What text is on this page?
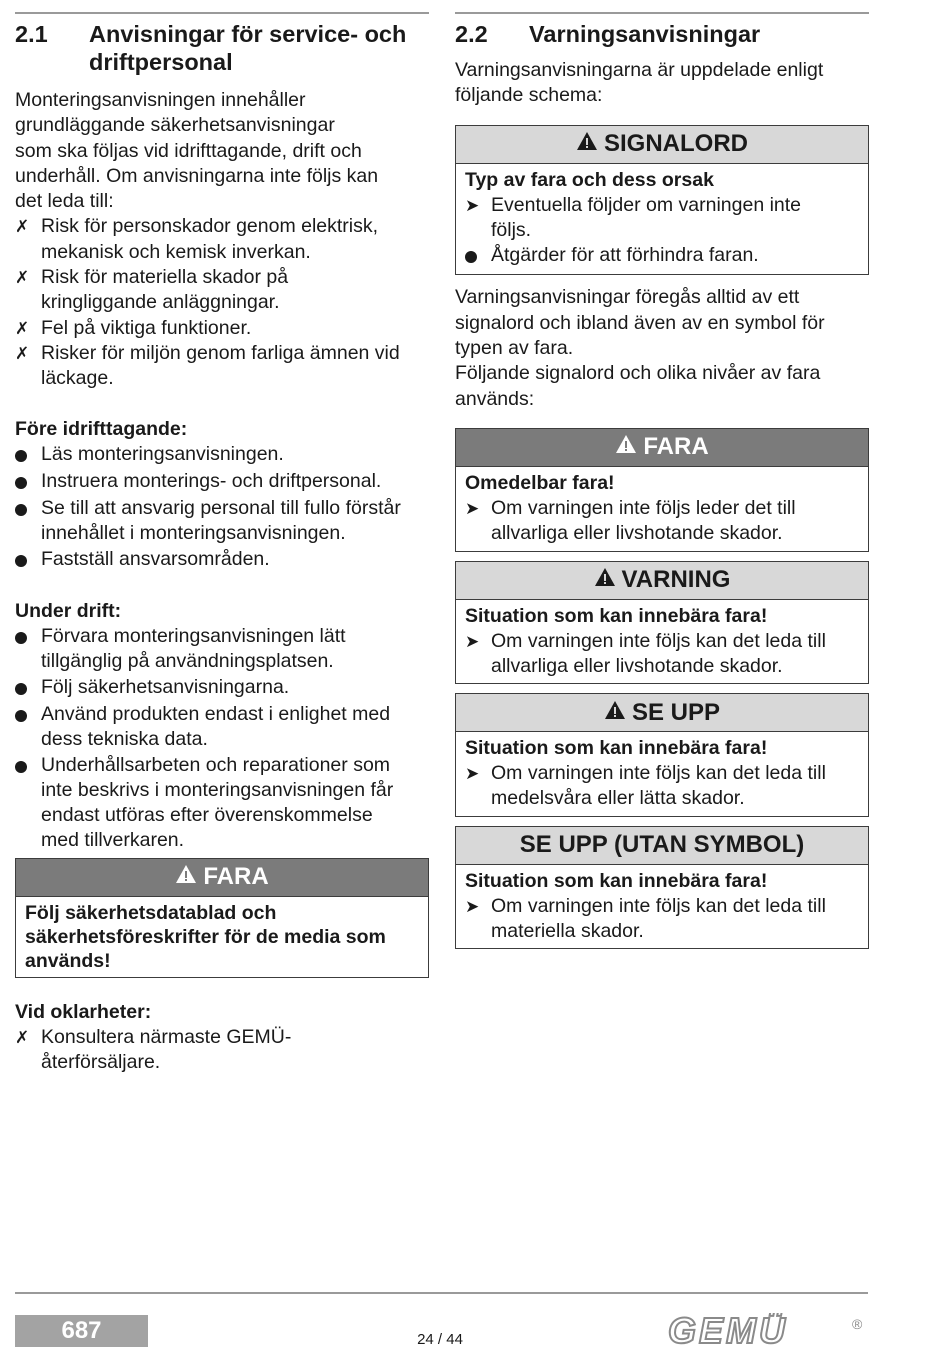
2.1	Anvisningar för service- och
driftpersonal

Monteringsanvisningen innehåller
grundläggande säkerhetsanvisningar
som ska följas vid idrifttagande, drift och
underhåll. Om anvisningarna inte följs kan
det leda till:

✗ Risk för personskador genom elektrisk,
mekanisk och kemisk inverkan.
✗ Risk för materiella skador på
kringliggande anläggningar.
✗ Fel på viktiga funktioner.
✗ Risker för miljön genom farliga ämnen vid
läckage.

Före idrifttagande:

Läs monteringsanvisningen.
Instruera monterings- och driftpersonal.
Se till att ansvarig personal till fullo förstår
innehållet i monteringsanvisningen.
Fastställ ansvarsområden.

Under drift:

Förvara monteringsanvisningen lätt
tillgänglig på användningsplatsen.
Följ säkerhetsanvisningarna.
Använd produkten endast i enlighet med
dess tekniska data.
Underhållsarbeten och reparationer som
inte beskrivs i monteringsanvisningen får
endast utföras efter överenskommelse
med tillverkaren.
FARA

Följ säkerhetsdatablad och
säkerhetsföreskrifter för de media som
används!

Vid oklarheter:

✗ Konsultera närmaste GEMÜ-
återförsäljare.
2.2	Varningsanvisningar

Varningsanvisningarna är uppdelade enligt
följande schema:

SIGNALORD

Typ av fara och dess orsak

➤ Eventuella följder om varningen inte
följs.
Åtgärder för att förhindra faran.

Varningsanvisningar föregås alltid av ett
signalord och ibland även av en symbol för
typen av fara.
Följande signalord och olika nivåer av fara
används:

FARA

Omedelbar fara!

➤ Om varningen inte följs leder det till
allvarliga eller livshotande skador.
VARNING

Situation som kan innebära fara!

➤ Om varningen inte följs kan det leda till
allvarliga eller livshotande skador.
SE UPP

Situation som kan innebära fara!

➤ Om varningen inte följs kan det leda till
medelsvåra eller lätta skador.
SE UPP (UTAN SYMBOL)

Situation som kan innebära fara!

➤ Om varningen inte följs kan det leda till
materiella skador.
687	24 / 44	GEMÜ	®
